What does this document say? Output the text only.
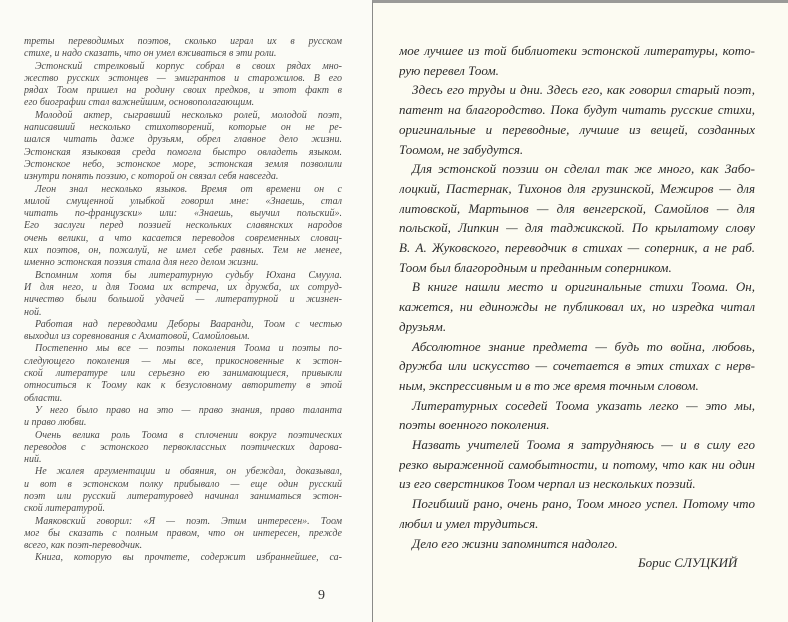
треты переводимых поэтов, сколько играл их в русском
стихе, и надо сказать, что он умел вживаться в эти роли.
Эстонский стрелковый корпус собрал в своих рядах мно-
жество русских эстонцев — эмигрантов и старожилов. В его
рядах Тоом пришел на родину своих предков, и этот факт в
его биографии стал важнейшим, основополагающим.
Молодой актер, сыгравший несколько ролей, молодой поэт,
написавший несколько стихотворений, которые он не ре-
шался читать даже друзьям, обрел главное дело жизни.
Эстонская языковая среда помогла быстро овладеть языком.
Эстонское небо, эстонское море, эстонская земля позволили
изнутри понять поэзию, с которой он связал себя навсегда.
Леон знал несколько языков. Время от времени он с
милой смущенной улыбкой говорил мне: «Знаешь, стал
читать по-французски» или: «Знаешь, выучил польский».
Его заслуги перед поэзией нескольких славянских народов
очень велики, а что касается переводов современных словац-
ких поэтов, он, пожалуй, не имел себе равных. Тем не менее,
именно эстонская поэзия стала для него делом жизни.
Вспомним хотя бы литературную судьбу Юхана Смуула.
И для него, и для Тоома их встреча, их дружба, их сотруд-
ничество были большой удачей — литературной и жизнен-
ной.
Работая над переводами Деборы Вааранди, Тоом с честью
выходил из соревнования с Ахматовой, Самойловым.
Постепенно мы все — поэты поколения Тоома и поэты по-
следующего поколения — мы все, прикосновенные к эстон-
ской литературе или серьезно ею занимающиеся, привыкли
относиться к Тоому как к безусловному авторитету в этой
области.
У него было право на это — право знания, право таланта
и право любви.
Очень велика роль Тоома в сплочении вокруг поэтических
переводов с эстонского первоклассных поэтических дарова-
ний.
Не жалея аргументации и обаяния, он убеждал, доказывал,
и вот в эстонском полку прибывало — еще один русский
поэт или русский литературовед начинал заниматься эстон-
ской литературой.
Маяковский говорил: «Я — поэт. Этим интересен». Тоом
мог бы сказать с полным правом, что он интересен, прежде
всего, как поэт-переводчик.
Книга, которую вы прочтете, содержит избраннейшее, са-
9
мое лучшее из той библиотеки эстонской литературы, кото-
рую перевел Тоом.
Здесь его труды и дни. Здесь его, как говорил старый поэт,
патент на благородство. Пока будут читать русские стихи,
оригинальные и переводные, лучшие из вещей, созданных
Тоомом, не забудутся.
Для эстонской поэзии он сделал так же много, как Забо-
лоцкий, Пастернак, Тихонов для грузинской, Межиров — для
литовской, Мартынов — для венгерской, Самойлов — для
польской, Липкин — для таджикской. По крылатому слову
В. А. Жуковского, переводчик в стихах — соперник, а не раб.
Тоом был благородным и преданным соперником.
В книге нашли место и оригинальные стихи Тоома. Он,
кажется, ни единожды не публиковал их, но изредка читал
друзьям.
Абсолютное знание предмета — будь то война, любовь,
дружба или искусство — сочетается в этих стихах с нерв-
ным, экспрессивным и в то же время точным словом.
Литературных соседей Тоома указать легко — это мы,
поэты военного поколения.
Назвать учителей Тоома я затрудняюсь — и в силу его
резко выраженной самобытности, и потому, что как ни один
из его сверстников Тоом черпал из нескольких поэзий.
Погибший рано, очень рано, Тоом много успел. Потому что
любил и умел трудиться.
Дело его жизни запомнится надолго.
Борис СЛУЦКИЙ
